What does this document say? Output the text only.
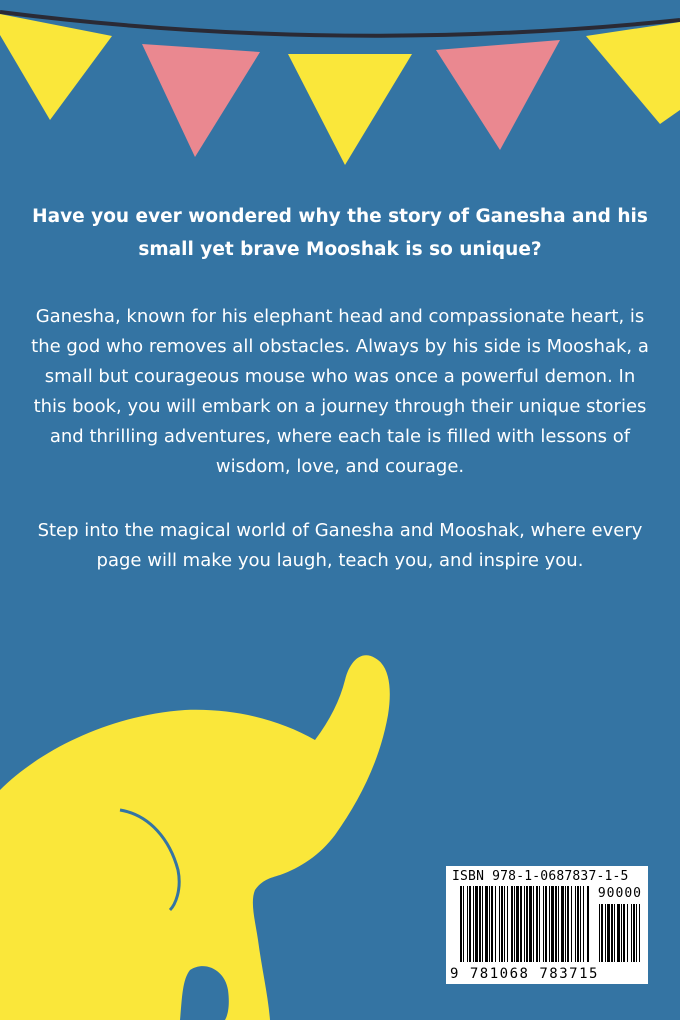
Have you ever wondered why the story of Ganesha and his small yet brave Mooshak is so unique?

Ganesha, known for his elephant head and compassionate heart, is the god who removes all obstacles. Always by his side is Mooshak, a small but courageous mouse who was once a powerful demon. In this book, you will embark on a journey through their unique stories and thrilling adventures, where each tale is filled with lessons of wisdom, love, and courage.

Step into the magical world of Ganesha and Mooshak, where every page will make you laugh, teach you, and inspire you.

ISBN 978-1-0687837-1-5
90000
9 781068 783715
